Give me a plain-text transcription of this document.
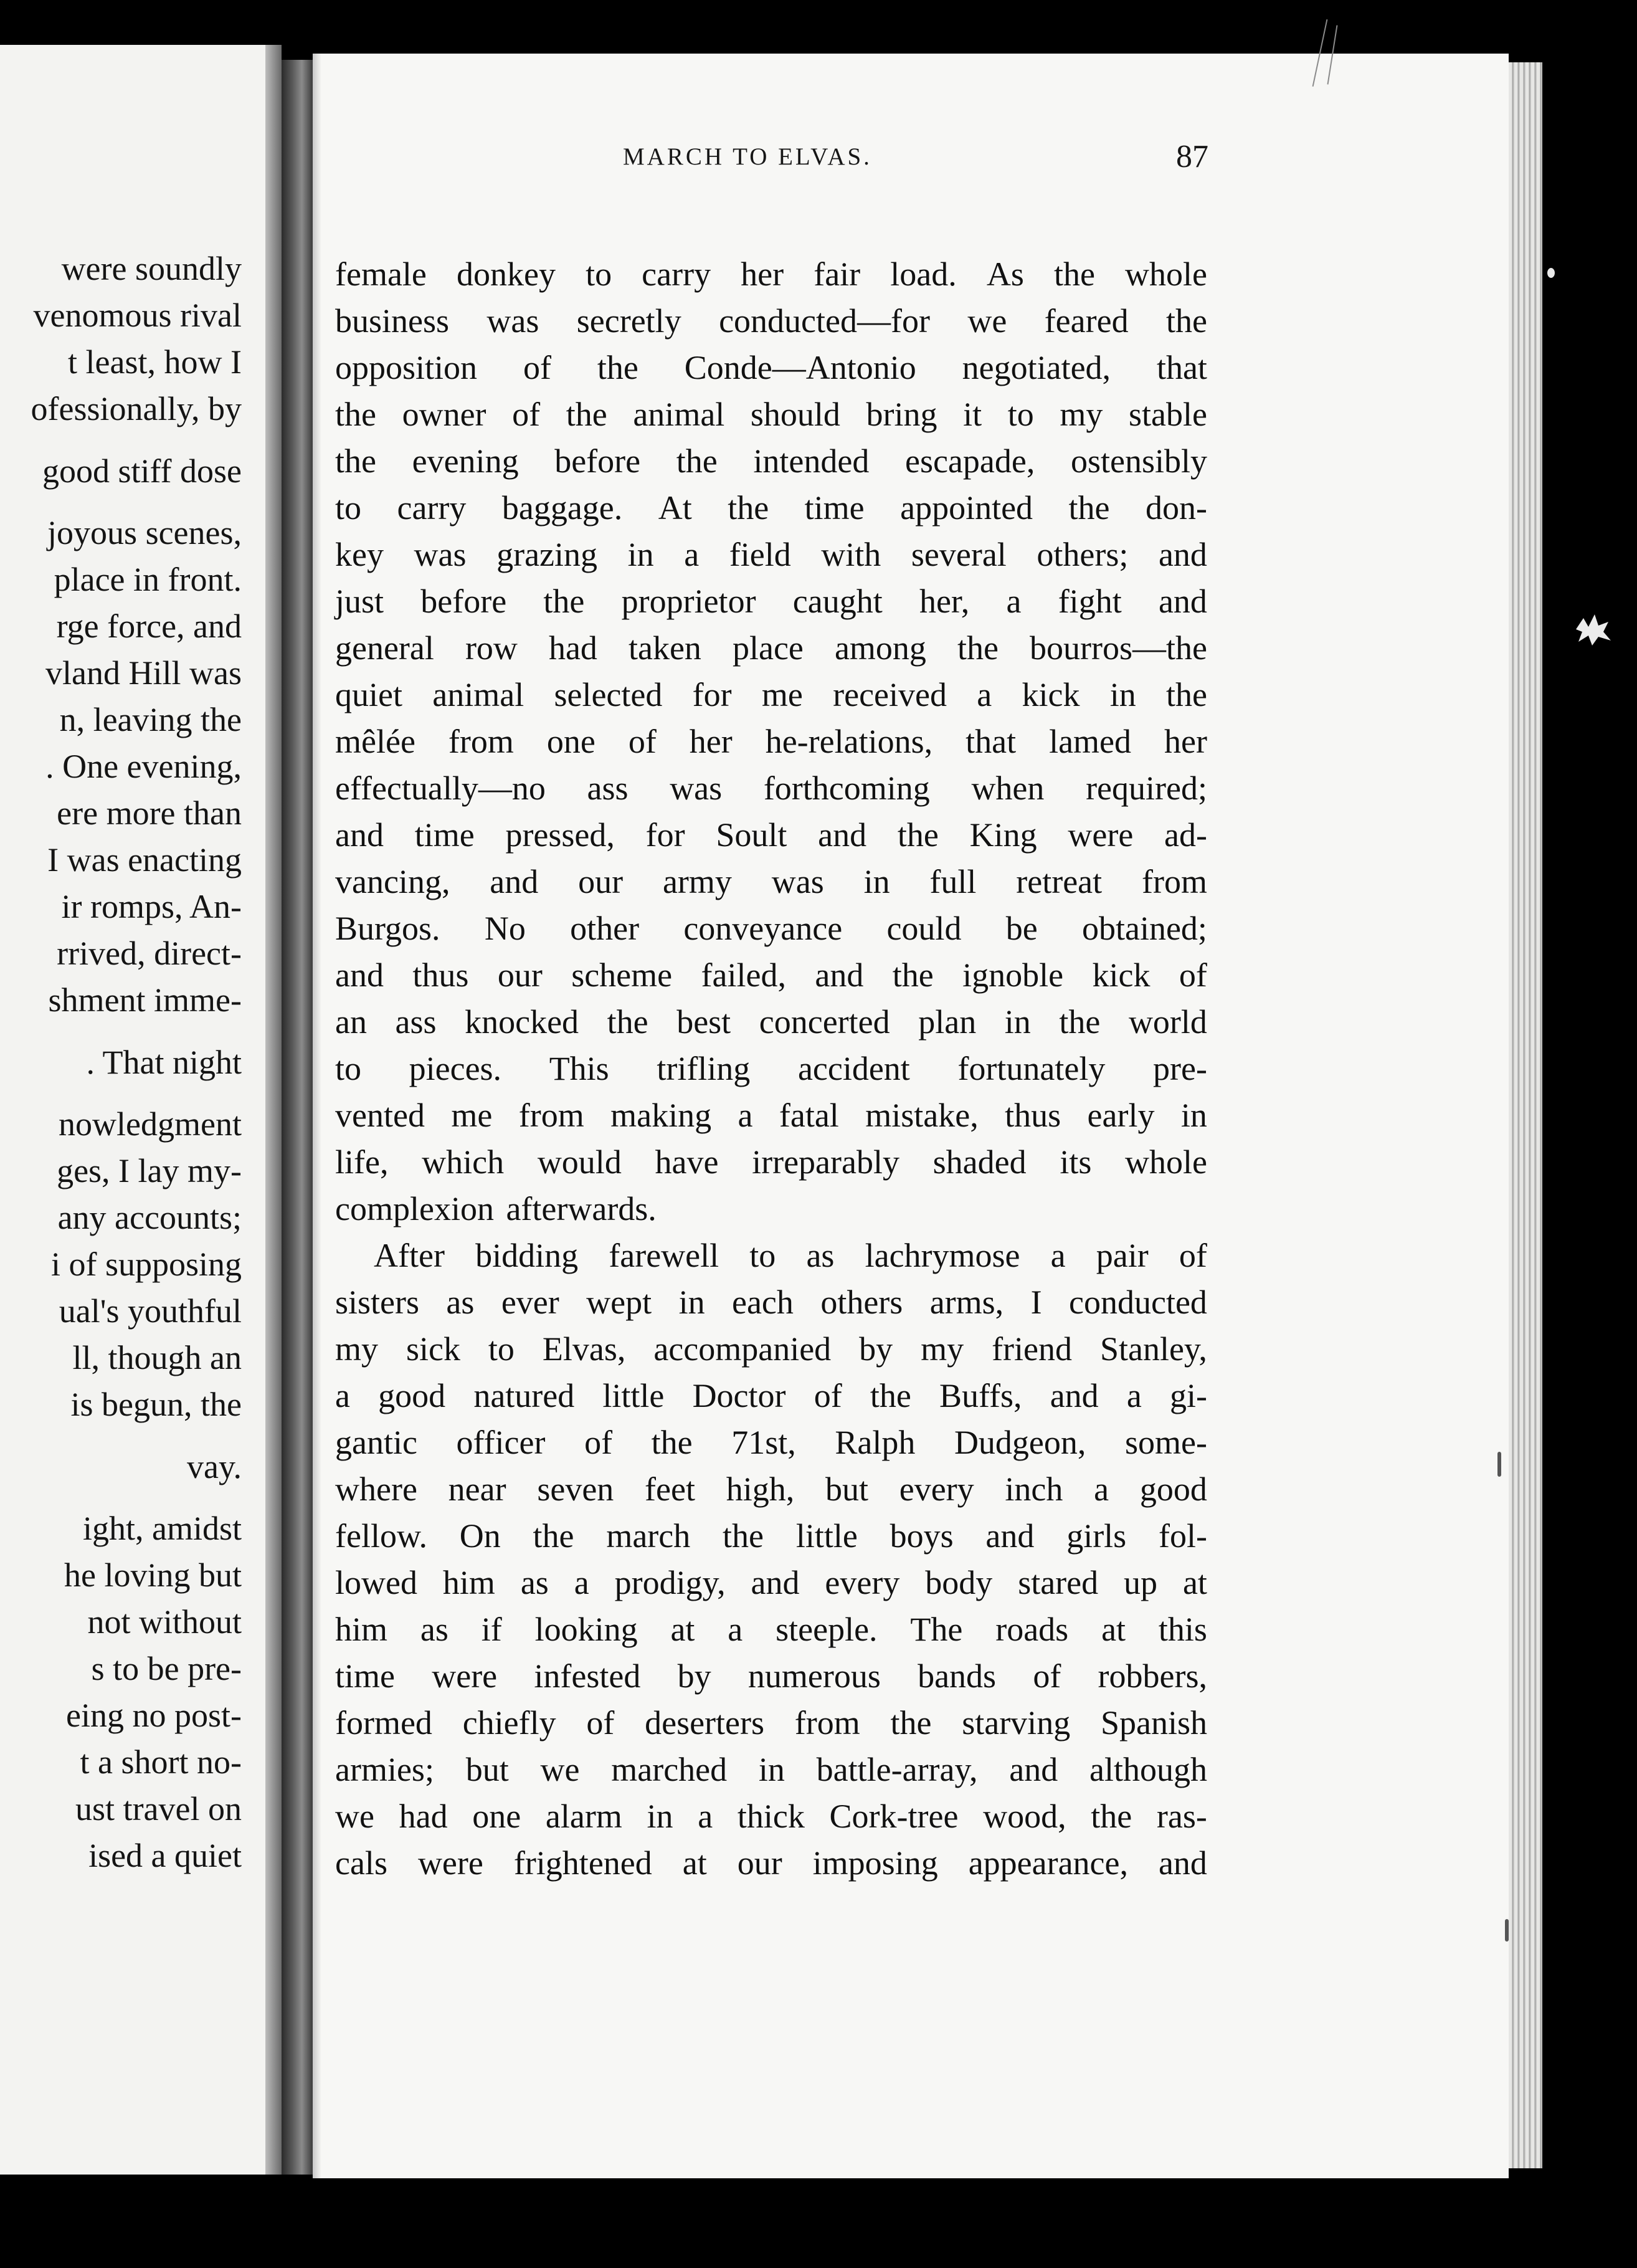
were soundly
venomous rival
t least, how I
ofessionally, by
good stiff dose
joyous scenes,
place in front.
rge force, and
vland Hill was
n, leaving the
. One evening,
ere more than
I was enacting
ir romps, An-
rrived, direct-
shment imme-
. That night
nowledgment
ges, I lay my-
any accounts;
i of supposing
ual's youthful
ll, though an
is begun, the
vay.
ight, amidst
he loving but
not without
s to be pre-
eing no post-
t a short no-
ust travel on
ised a quiet
MARCH TO ELVAS.	87
female donkey to carry her fair load. As the whole
business was secretly conducted—for we feared the
opposition of the Conde—Antonio negotiated, that
the owner of the animal should bring it to my stable
the evening before the intended escapade, ostensibly
to carry baggage. At the time appointed the don-
key was grazing in a field with several others; and
just before the proprietor caught her, a fight and
general row had taken place among the bourros—the
quiet animal selected for me received a kick in the
mêlée from one of her he-relations, that lamed her
effectually—no ass was forthcoming when required;
and time pressed, for Soult and the King were ad-
vancing, and our army was in full retreat from
Burgos. No other conveyance could be obtained;
and thus our scheme failed, and the ignoble kick of
an ass knocked the best concerted plan in the world
to pieces. This trifling accident fortunately pre-
vented me from making a fatal mistake, thus early in
life, which would have irreparably shaded its whole
complexion afterwards.
After bidding farewell to as lachrymose a pair of
sisters as ever wept in each others arms, I conducted
my sick to Elvas, accompanied by my friend Stanley,
a good natured little Doctor of the Buffs, and a gi-
gantic officer of the 71st, Ralph Dudgeon, some-
where near seven feet high, but every inch a good
fellow. On the march the little boys and girls fol-
lowed him as a prodigy, and every body stared up at
him as if looking at a steeple. The roads at this
time were infested by numerous bands of robbers,
formed chiefly of deserters from the starving Spanish
armies; but we marched in battle-array, and although
we had one alarm in a thick Cork-tree wood, the ras-
cals were frightened at our imposing appearance, and
